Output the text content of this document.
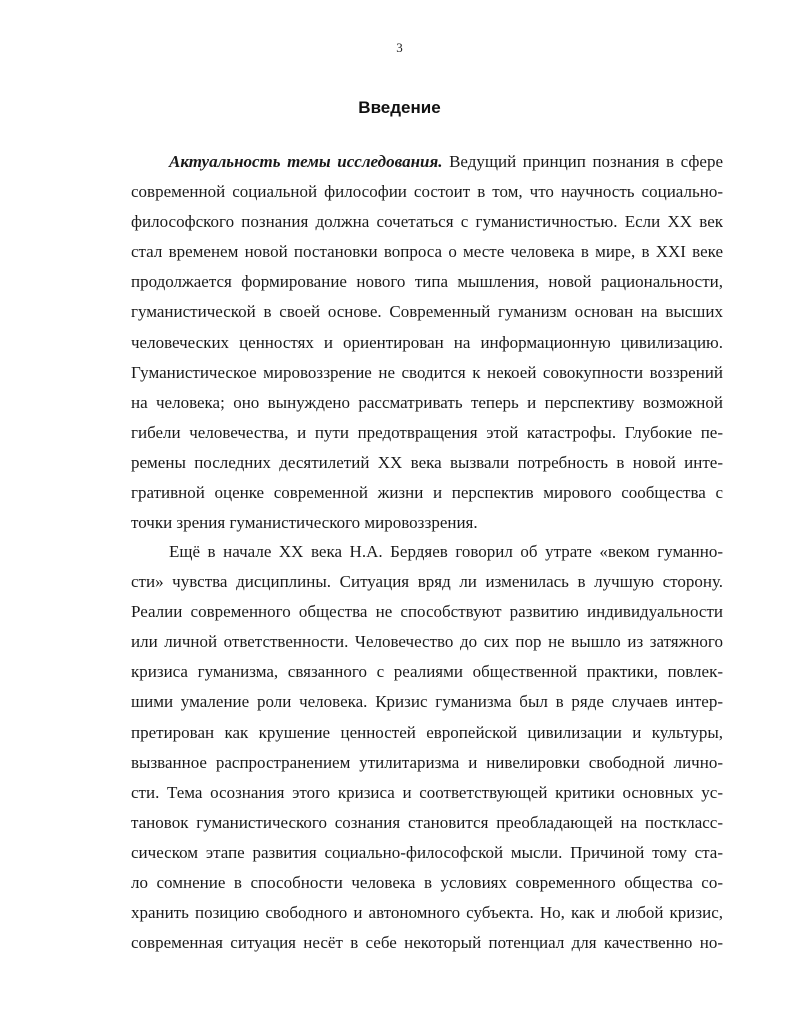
3
Введение
Актуальность темы исследования. Ведущий принцип познания в сфере
современной социальной философии состоит в том, что научность социально-
философского познания должна сочетаться с гуманистичностью. Если XX век
стал временем новой постановки вопроса о месте человека в мире, в XXI веке
продолжается формирование нового типа мышления, новой рациональности,
гуманистической в своей основе. Современный гуманизм основан на высших
человеческих ценностях и ориентирован на информационную цивилизацию.
Гуманистическое мировоззрение не сводится к некоей совокупности воззрений
на человека; оно вынуждено рассматривать теперь и перспективу возможной
гибели человечества, и пути предотвращения этой катастрофы. Глубокие пе-
ремены последних десятилетий XX века вызвали потребность в новой инте-
гративной оценке современной жизни и перспектив мирового сообщества с
точки зрения гуманистического мировоззрения.
Ещё в начале XX века Н.А. Бердяев говорил об утрате «веком гуманно-
сти» чувства дисциплины. Ситуация вряд ли изменилась в лучшую сторону.
Реалии современного общества не способствуют развитию индивидуальности
или личной ответственности. Человечество до сих пор не вышло из затяжного
кризиса гуманизма, связанного с реалиями общественной практики, повлек-
шими умаление роли человека. Кризис гуманизма был в ряде случаев интер-
претирован как крушение ценностей европейской цивилизации и культуры,
вызванное распространением утилитаризма и нивелировки свободной лично-
сти. Тема осознания этого кризиса и соответствующей критики основных ус-
тановок гуманистического сознания становится преобладающей на посткласс-
сическом этапе развития социально-философской мысли. Причиной тому ста-
ло сомнение в способности человека в условиях современного общества со-
хранить позицию свободного и автономного субъекта. Но, как и любой кризис,
современная ситуация несёт в себе некоторый потенциал для качественно но-
